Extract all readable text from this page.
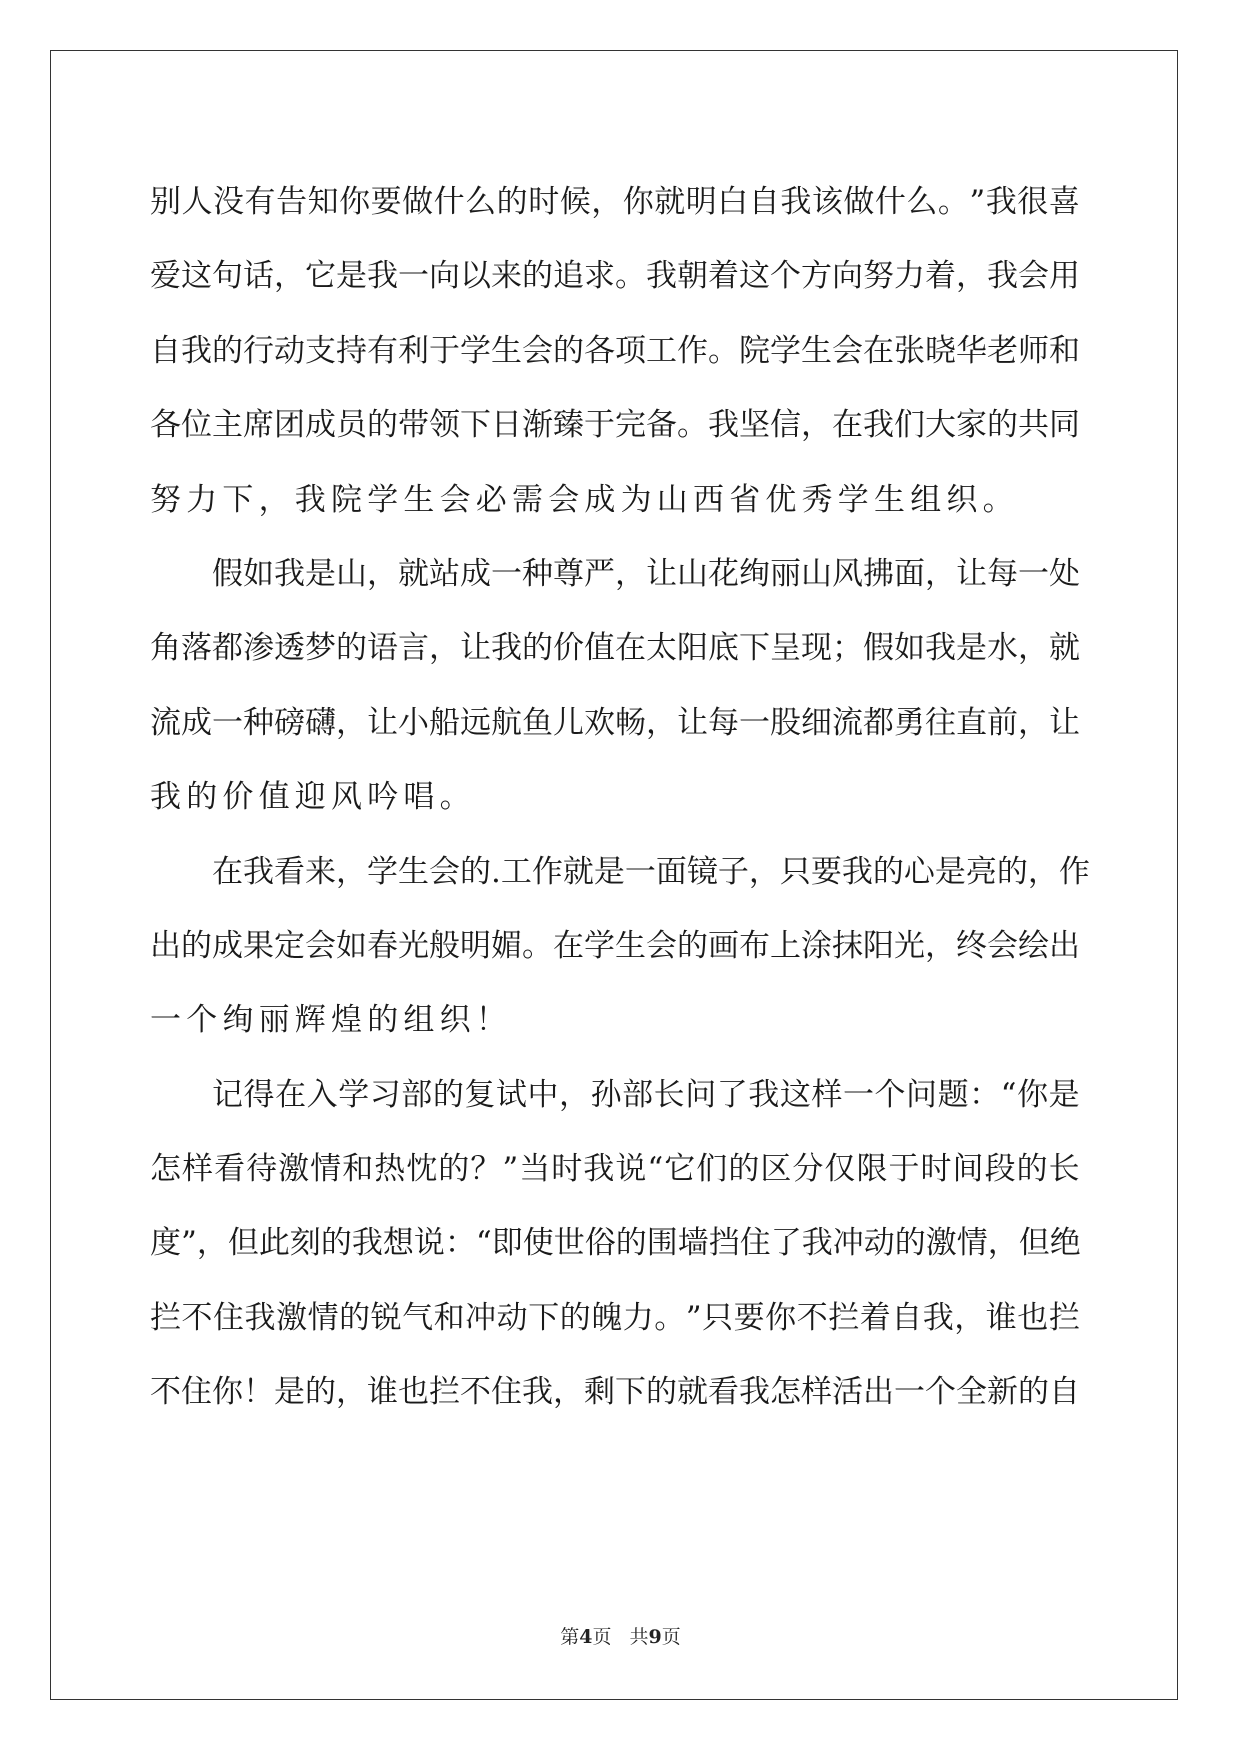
别 人 没 有 告 知 你 要 做 什 么 的 时 候 ， 你 就 明 白 自 我 该 做 什 么 。 ” 我 很 喜
爱 这 句 话 ， 它 是 我 一 向 以 来 的 追 求 。 我 朝 着 这 个 方 向 努 力 着 ， 我 会 用
自 我 的 行 动 支 持 有 利 于 学 生 会 的 各 项 工 作 。 院 学 生 会 在 张 晓 华 老 师 和
各 位 主 席 团 成 员 的 带 领 下 日 渐 臻 于 完 备 。 我 坚 信 ， 在 我 们 大 家 的 共 同
努力下，我院学生会必需会成为山西省优秀学生组织。
假 如 我 是 山 ， 就 站 成 一 种 尊 严 ， 让 山 花 绚 丽 山 风 拂 面 ， 让 每 一 处
角 落 都 渗 透 梦 的 语 言 ， 让 我 的 价 值 在 太 阳 底 下 呈 现 ； 假 如 我 是 水 ， 就
流 成 一 种 磅 礴 ， 让 小 船 远 航 鱼 儿 欢 畅 ， 让 每 一 股 细 流 都 勇 往 直 前 ， 让
我的价值迎风吟唱。
在 我 看 来 ， 学 生 会 的 . 工 作 就 是 一 面 镜 子 ， 只 要 我 的 心 是 亮 的 ， 作
出 的 成 果 定 会 如 春 光 般 明 媚 。 在 学 生 会 的 画 布 上 涂 抹 阳 光 ， 终 会 绘 出
一个绚丽辉煌的组织！
记 得 在 入 学 习 部 的 复 试 中 ， 孙 部 长 问 了 我 这 样 一 个 问 题 ： “ 你 是
怎 样 看 待 激 情 和 热 忱 的 ？ ” 当 时 我 说 “ 它 们 的 区 分 仅 限 于 时 间 段 的 长
度 ” ， 但 此 刻 的 我 想 说 ： “ 即 使 世 俗 的 围 墙 挡 住 了 我 冲 动 的 激 情 ， 但 绝
拦 不 住 我 激 情 的 锐 气 和 冲 动 下 的 魄 力 。 ” 只 要 你 不 拦 着 自 我 ， 谁 也 拦
不 住 你 ！ 是 的 ， 谁 也 拦 不 住 我 ， 剩 下 的 就 看 我 怎 样 活 出 一 个 全 新 的 自
第4页 共9页
